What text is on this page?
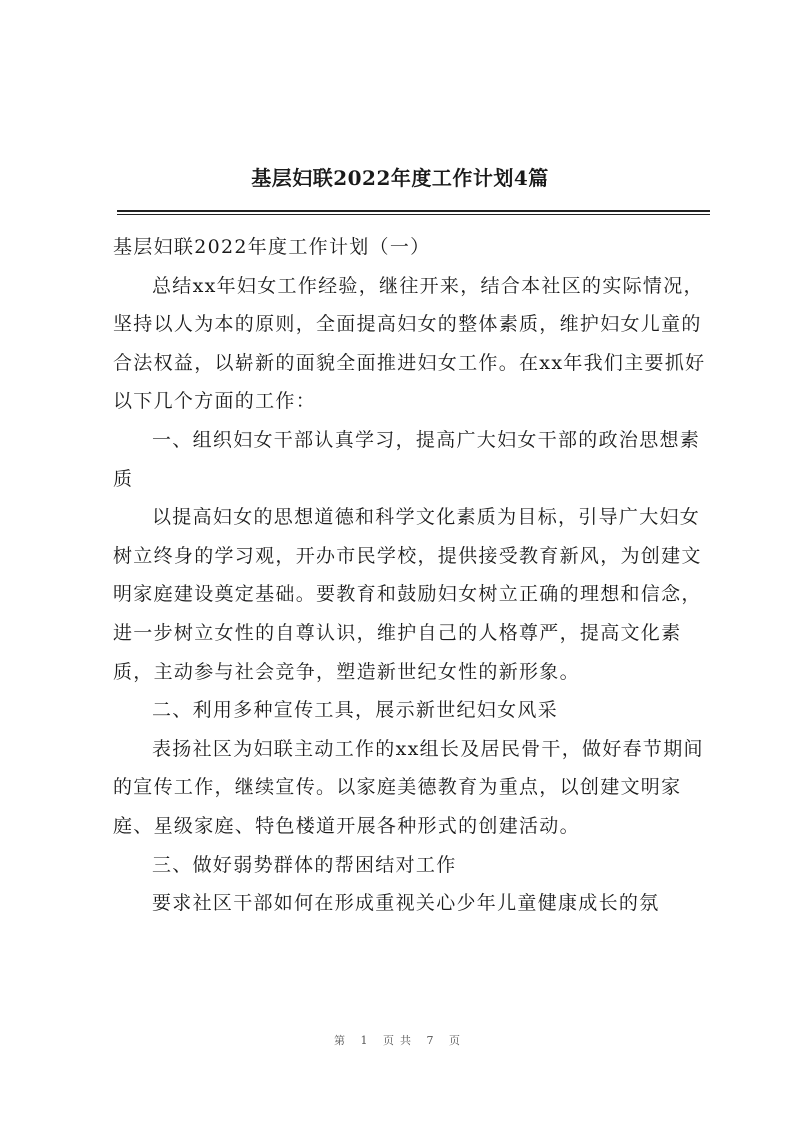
基层妇联2022年度工作计划4篇

基层妇联2022年度工作计划（一）

总结xx年妇女工作经验，继往开来，结合本社区的实际情况，坚持以人为本的原则，全面提高妇女的整体素质，维护妇女儿童的合法权益，以崭新的面貌全面推进妇女工作。在xx年我们主要抓好以下几个方面的工作：

一、组织妇女干部认真学习，提高广大妇女干部的政治思想素质

以提高妇女的思想道德和科学文化素质为目标，引导广大妇女树立终身的学习观，开办市民学校，提供接受教育新风，为创建文明家庭建设奠定基础。要教育和鼓励妇女树立正确的理想和信念，进一步树立女性的自尊认识，维护自己的人格尊严，提高文化素质，主动参与社会竞争，塑造新世纪女性的新形象。

二、利用多种宣传工具，展示新世纪妇女风采

表扬社区为妇联主动工作的xx组长及居民骨干，做好春节期间的宣传工作，继续宣传。以家庭美德教育为重点，以创建文明家庭、星级家庭、特色楼道开展各种形式的创建活动。

三、做好弱势群体的帮困结对工作

要求社区干部如何在形成重视关心少年儿童健康成长的氛

第 1 页共 7 页
